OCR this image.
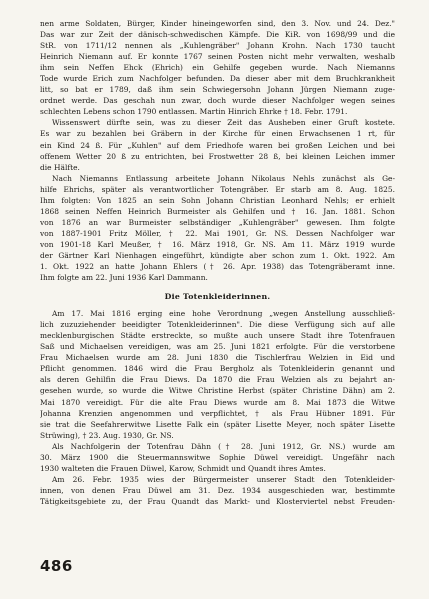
nen arme Soldaten, Bürger, Kinder hineingeworfen sind, den 3. Nov. und 24. Dez."

Das war zur Zeit der dänisch-schwedischen Kämpfe. Die KiR. von 1698/99 und die

StR. von 1711/12 nennen als „Kuhlengräber" Johann Krohn. Nach 1730 taucht

Heinrich Niemann auf. Er konnte 1767 seinen Posten nicht mehr verwalten, weshalb

ihm sein Neffen Ehck (Ehrich) ein Gehilfe gegeben wurde. Nach Niemanns

Tode wurde Erich zum Nachfolger befunden. Da dieser aber mit dem Bruchkrankheit

litt, so bat er 1789, daß ihm sein Schwiegersohn Johann Jürgen Niemann zuge-

ordnet werde. Das geschah nun zwar, doch wurde dieser Nachfolger wegen seines

schlechten Lebens schon 1790 entlassen. Martin Hinrich Ehrke † 18. Febr. 1791.

Wissenswert dürfte sein, was zu dieser Zeit das Ausheben einer Gruft kostete.

Es war zu bezahlen bei Gräbern in der Kirche für einen Erwachsenen 1 rt, für

ein Kind 24 ß. Für „Kuhlen" auf dem Friedhofe waren bei großen Leichen und bei

offenem Wetter 20 ß zu entrichten, bei Frostwetter 28 ß, bei kleinen Leichen immer

die Hälfte.

Nach Niemanns Entlassung arbeitete Johann Nikolaus Nehls zunächst als Ge-

hilfe Ehrichs, später als verantwortlicher Totengräber. Er starb am 8. Aug. 1825.

Ihm folgten: Von 1825 an sein Sohn Johann Christian Leonhard Nehls; er erhielt

1868 seinen Neffen Heinrich Burmeister als Gehilfen und † 16. Jan. 1881. Schon

von 1876 an war Burmeister selbständiger „Kuhlengräber" gewesen. Ihm folgte

von 1887-1901 Fritz Möller, † 22. Mai 1901, Gr. NS. Dessen Nachfolger war

von 1901-18 Karl Meußer, † 16. März 1918, Gr. NS. Am 11. März 1919 wurde

der Gärtner Karl Nienhagen eingeführt, kündigte aber schon zum 1. Okt. 1922. Am

1. Okt. 1922 an hatte Johann Ehlers († 26. Apr. 1938) das Totengräberamt inne.

Ihm folgte am 22. Juni 1936 Karl Dammann.

Die Totenkleiderinnen.

Am 17. Mai 1816 erging eine hohe Verordnung „wegen Anstellung ausschließ-

lich zuzuziehender beeidigter Totenkleiderinnen". Die diese Verfügung sich auf alle

mecklenburgischen Städte erstreckte, so mußte auch unsere Stadt ihre Totenfrauen

Saß und Michaelsen vereidigen, was am 25. Juni 1821 erfolgte. Für die verstorbene

Frau Michaelsen wurde am 28. Juni 1830 die Tischlerfrau Welzien in Eid und

Pflicht genommen. 1846 wird die Frau Bergholz als Totenkleiderin genannt und

als deren Gehilfin die Frau Diews. Da 1870 die Frau Welzien als zu bejahrt an-

gesehen wurde, so wurde die Witwe Christine Herbst (später Christine Dähn) am 2.

Mai 1870 vereidigt. Für die alte Frau Diews wurde am 8. Mai 1873 die Witwe

Johanna Krenzien angenommen und verpflichtet, † als Frau Hübner 1891. Für

sie trat die Seefahrerwitwe Lisette Falk ein (später Lisette Meyer, noch später Lisette

Strüwing), † 23. Aug. 1930, Gr. NS.

Als Nachfolgerin der Totenfrau Dähn († 28. Juni 1912, Gr. NS.) wurde am

30. März 1900 die Steuermannswitwe Sophie Düwel vereidigt. Ungefähr nach

1930 walteten die Frauen Düwel, Karow, Schmidt und Quandt ihres Amtes.

Am 26. Febr. 1935 wies der Bürgermeister unserer Stadt den Totenkleider-

innen, von denen Frau Düwel am 31. Dez. 1934 ausgeschieden war, bestimmte

Tätigkeitsgebiete zu, der Frau Quandt das Markt- und Klosterviertel nebst Freuden-

486
